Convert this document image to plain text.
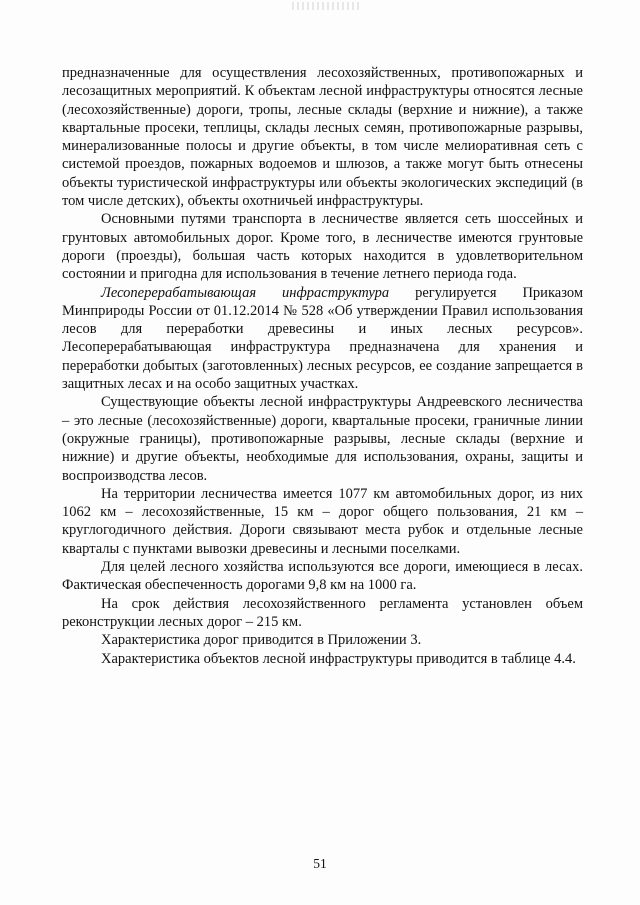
предназначенные для осуществления лесохозяйственных, противопожарных и лесозащитных мероприятий. К объектам лесной инфраструктуры относятся лесные (лесохозяйственные) дороги, тропы, лесные склады (верхние и нижние), а также квартальные просеки, теплицы, склады лесных семян, противопожарные разрывы, минерализованные полосы и другие объекты, в том числе мелиоративная сеть с системой проездов, пожарных водоемов и шлюзов, а также могут быть отнесены объекты туристической инфраструктуры или объекты экологических экспедиций (в том числе детских), объекты охотничьей инфраструктуры.

Основными путями транспорта в лесничестве является сеть шоссейных и грунтовых автомобильных дорог. Кроме того, в лесничестве имеются грунтовые дороги (проезды), большая часть которых находится в удовлетворительном состоянии и пригодна для использования в течение летнего периода года.

Лесоперерабатывающая инфраструктура регулируется Приказом Минприроды России от 01.12.2014 № 528 «Об утверждении Правил использования лесов для переработки древесины и иных лесных ресурсов». Лесоперерабатывающая инфраструктура предназначена для хранения и переработки добытых (заготовленных) лесных ресурсов, ее создание запрещается в защитных лесах и на особо защитных участках.

Существующие объекты лесной инфраструктуры Андреевского лесничества – это лесные (лесохозяйственные) дороги, квартальные просеки, граничные линии (окружные границы), противопожарные разрывы, лесные склады (верхние и нижние) и другие объекты, необходимые для использования, охраны, защиты и воспроизводства лесов.

На территории лесничества имеется 1077 км автомобильных дорог, из них 1062 км – лесохозяйственные, 15 км – дорог общего пользования, 21 км – круглогодичного действия. Дороги связывают места рубок и отдельные лесные кварталы с пунктами вывозки древесины и лесными поселками.

Для целей лесного хозяйства используются все дороги, имеющиеся в лесах. Фактическая обеспеченность дорогами 9,8 км на 1000 га.

На срок действия лесохозяйственного регламента установлен объем реконструкции лесных дорог – 215 км.

Характеристика дорог приводится в Приложении 3.

Характеристика объектов лесной инфраструктуры приводится в таблице 4.4.

51
